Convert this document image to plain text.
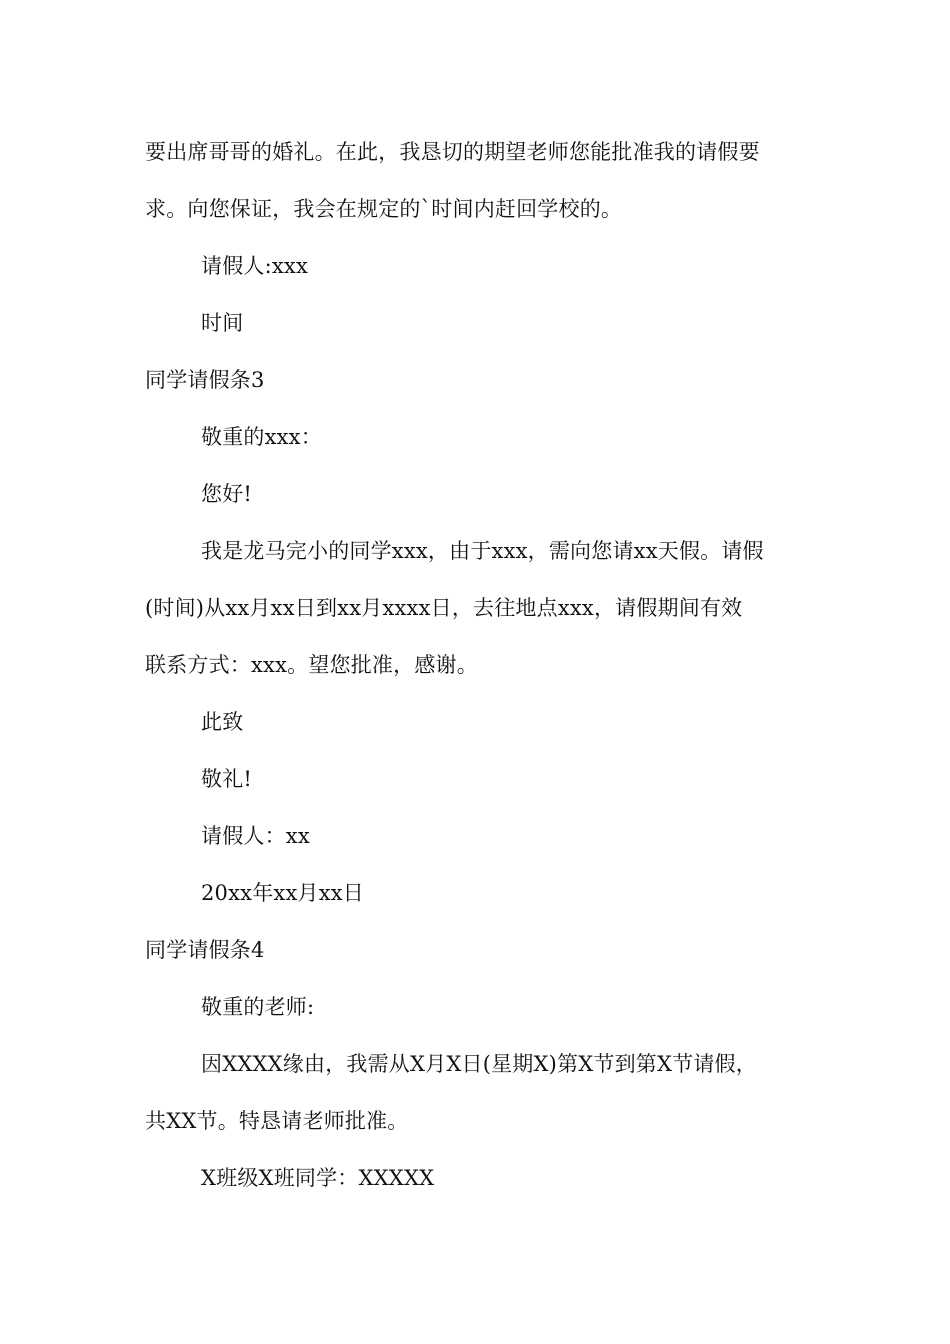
要出席哥哥的婚礼。在此，我恳切的期望老师您能批准我的请假要
求。向您保证，我会在规定的`时间内赶回学校的。
请假人:xxx
时间
同学请假条3
敬重的xxx：
您好!
我是龙马完小的同学xxx，由于xxx，需向您请xx天假。请假
(时间)从xx月xx日到xx月xxxx日，去往地点xxx，请假期间有效
联系方式：xxx。望您批准，感谢。
此致
敬礼!
请假人：xx
20xx年xx月xx日
同学请假条4
敬重的老师:
因XXXX缘由，我需从X月X日(星期X)第X节到第X节请假，
共XX节。特恳请老师批准。
X班级X班同学：XXXXX
